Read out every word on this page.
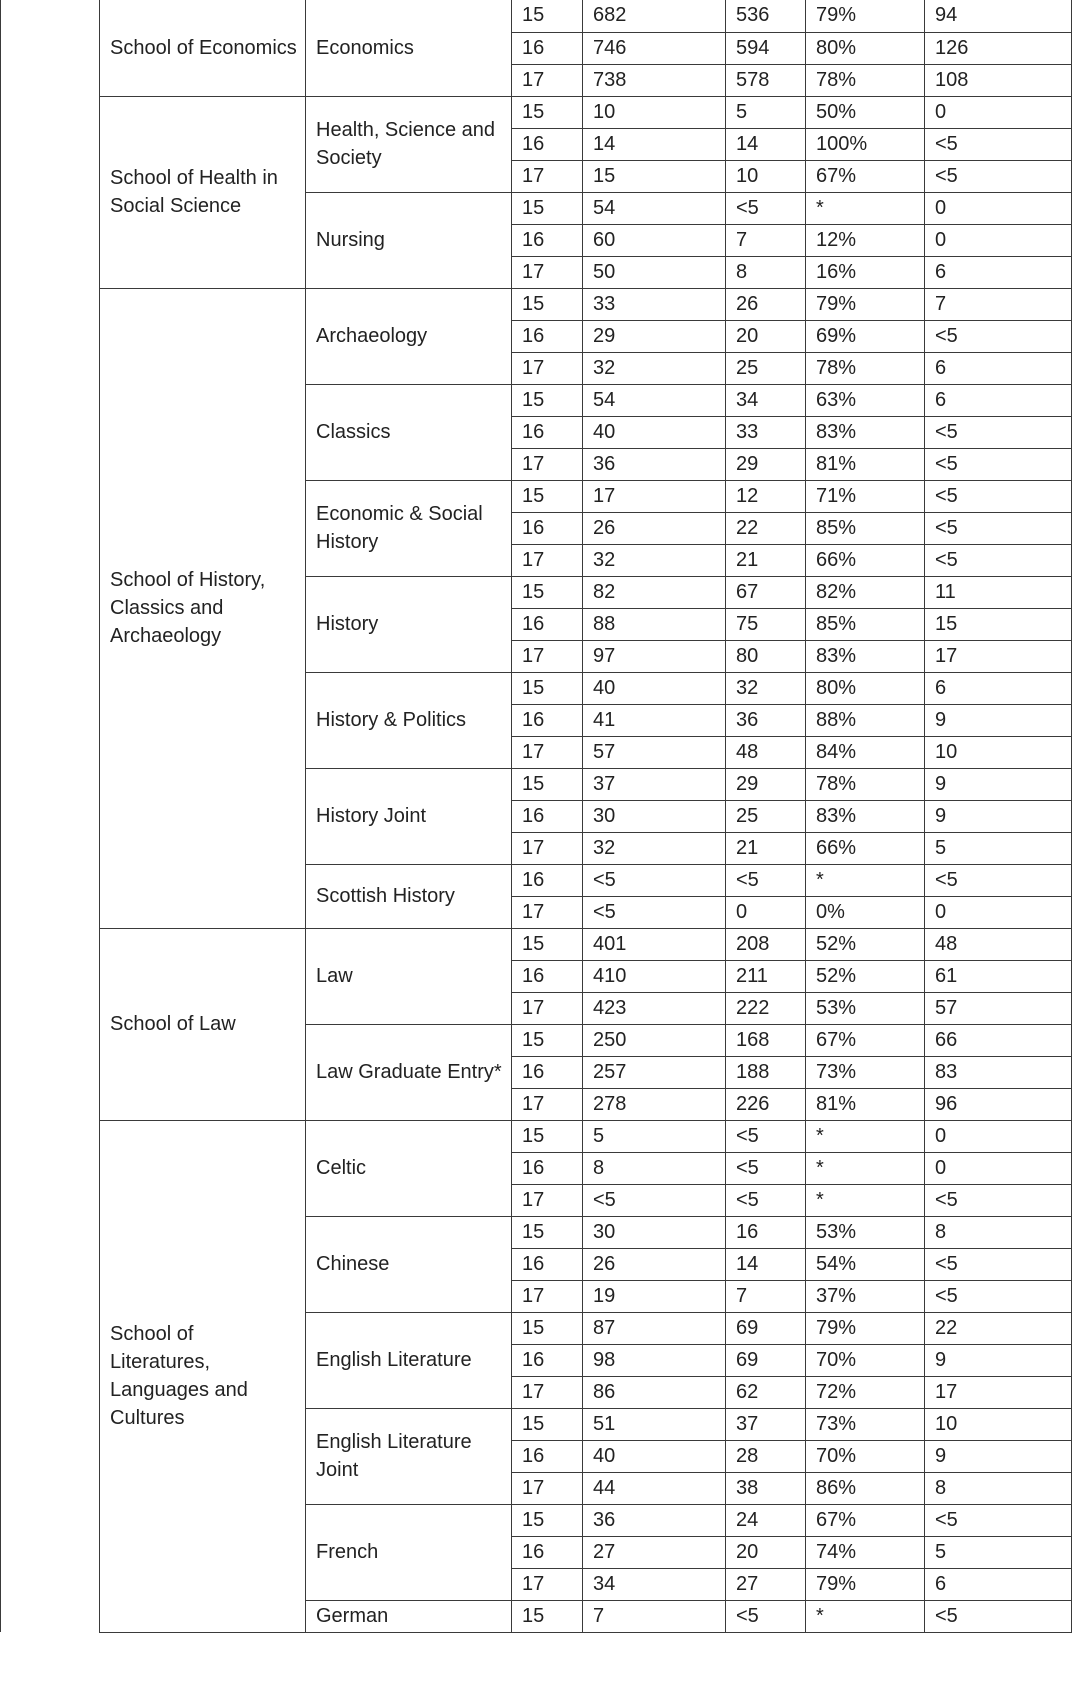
	School of Economics	Economics	15	682	536	79%	94
			16	746	594	80%	126
			17	738	578	78%	108
	School of Health in Social Science	Health, Science and Society	15	10	5	50%	0
			16	14	14	100%	<5
			17	15	10	67%	<5
		Nursing	15	54	<5	*	0
			16	60	7	12%	0
			17	50	8	16%	6
	School of History, Classics and Archaeology	Archaeology	15	33	26	79%	7
			16	29	20	69%	<5
			17	32	25	78%	6
		Classics	15	54	34	63%	6
			16	40	33	83%	<5
			17	36	29	81%	<5
		Economic & Social History	15	17	12	71%	<5
			16	26	22	85%	<5
			17	32	21	66%	<5
		History	15	82	67	82%	11
			16	88	75	85%	15
			17	97	80	83%	17
		History & Politics	15	40	32	80%	6
			16	41	36	88%	9
			17	57	48	84%	10
		History Joint	15	37	29	78%	9
			16	30	25	83%	9
			17	32	21	66%	5
		Scottish History	16	<5	<5	*	<5
			17	<5	0	0%	0
	School of Law	Law	15	401	208	52%	48
			16	410	211	52%	61
			17	423	222	53%	57
		Law Graduate Entry*	15	250	168	67%	66
			16	257	188	73%	83
			17	278	226	81%	96
	School of Literatures, Languages and Cultures	Celtic	15	5	<5	*	0
			16	8	<5	*	0
			17	<5	<5	*	<5
		Chinese	15	30	16	53%	8
			16	26	14	54%	<5
			17	19	7	37%	<5
		English Literature	15	87	69	79%	22
			16	98	69	70%	9
			17	86	62	72%	17
		English Literature Joint	15	51	37	73%	10
			16	40	28	70%	9
			17	44	38	86%	8
		French	15	36	24	67%	<5
			16	27	20	74%	5
			17	34	27	79%	6
		German	15	7	<5	*	<5
